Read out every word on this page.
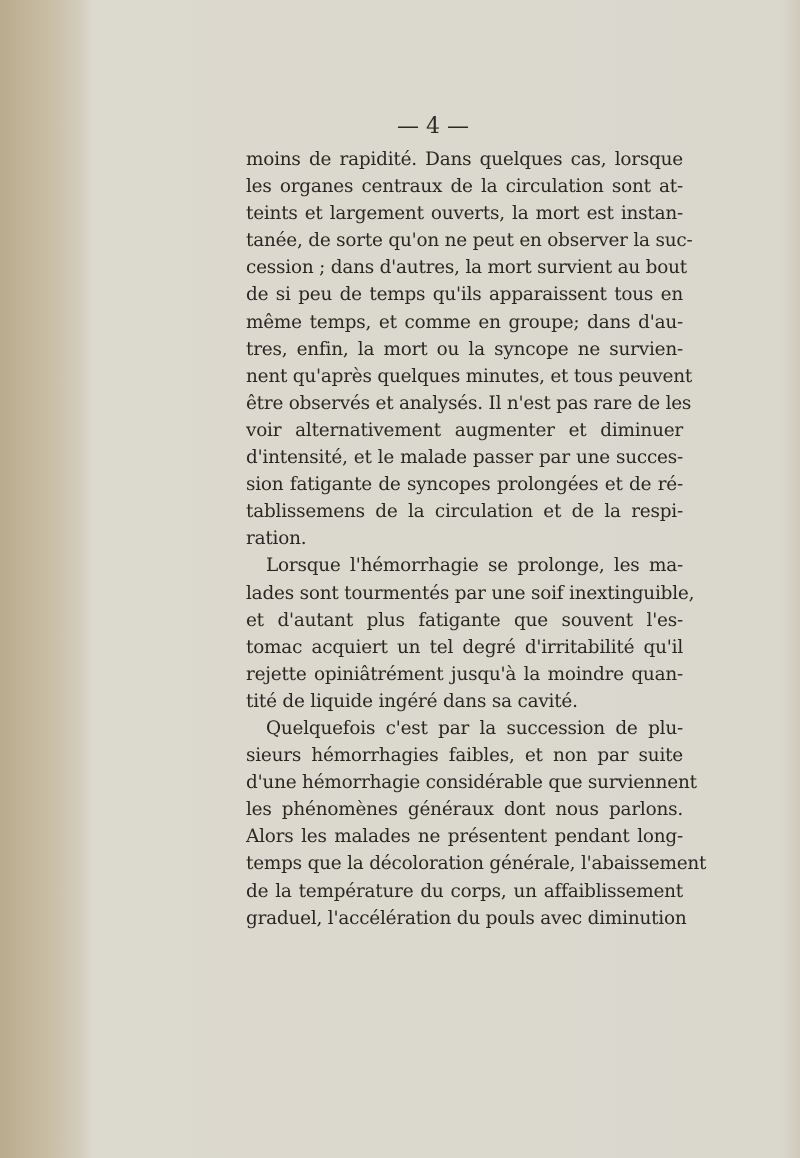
— 4 —
moins de rapidité. Dans quelques cas, lorsque
les organes centraux de la circulation sont at-
teints et largement ouverts, la mort est instan-
tanée, de sorte qu'on ne peut en observer la suc-
cession ; dans d'autres, la mort survient au bout
de si peu de temps qu'ils apparaissent tous en
même temps, et comme en groupe; dans d'au-
tres, enfin, la mort ou la syncope ne survien-
nent qu'après quelques minutes, et tous peuvent
être observés et analysés. Il n'est pas rare de les
voir alternativement augmenter et diminuer
d'intensité, et le malade passer par une succes-
sion fatigante de syncopes prolongées et de ré-
tablissemens de la circulation et de la respi-
ration.
Lorsque l'hémorrhagie se prolonge, les ma-
lades sont tourmentés par une soif inextinguible,
et d'autant plus fatigante que souvent l'es-
tomac acquiert un tel degré d'irritabilité qu'il
rejette opiniâtrément jusqu'à la moindre quan-
tité de liquide ingéré dans sa cavité.
Quelquefois c'est par la succession de plu-
sieurs hémorrhagies faibles, et non par suite
d'une hémorrhagie considérable que surviennent
les phénomènes généraux dont nous parlons.
Alors les malades ne présentent pendant long-
temps que la décoloration générale, l'abaissement
de la température du corps, un affaiblissement
graduel, l'accélération du pouls avec diminution
